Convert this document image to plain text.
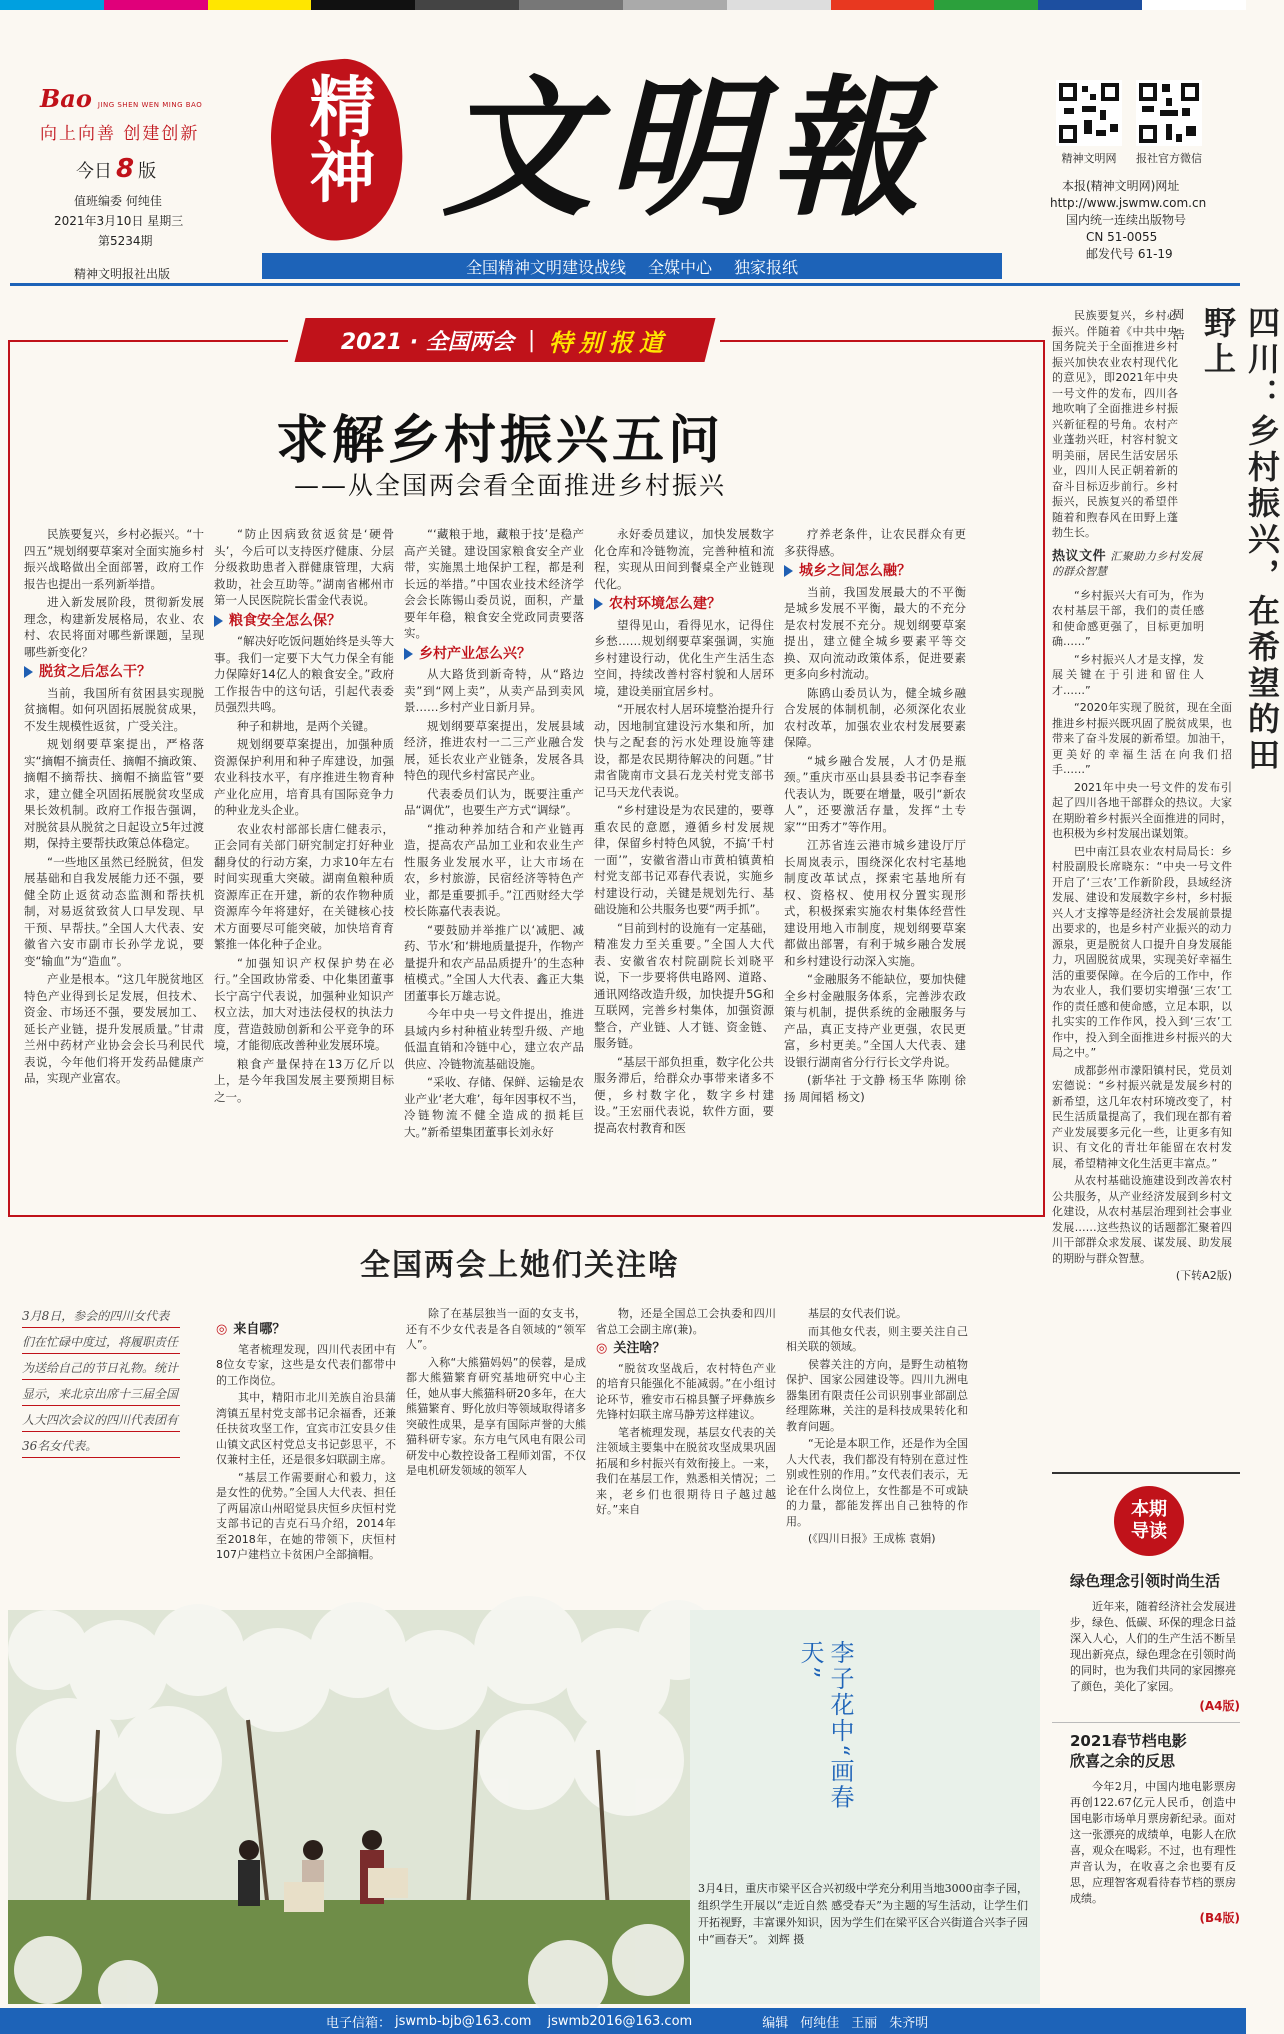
Bao JING SHEN WEN MING BAO
向上向善 创建创新
今日 8 版
值班编委 何纯佳
2021年3月10日 星期三
第5234期
精神文明报社出版
精神 文明報
全国精神文明建设战线 全媒中心 独家报纸
精神文明网	报社官方微信
本报(精神文明网)网址
http://www.jswmw.com.cn
国内统一连续出版物号
CN 51-0055
邮发代号 61-19
2021 · 全国两会 | 特别报道
求解乡村振兴五问
——从全国两会看全面推进乡村振兴

民族要复兴，乡村必振兴。“十四五”规划纲要草案对全面实施乡村振兴战略做出全面部署，政府工作报告也提出一系列新举措。

进入新发展阶段，贯彻新发展理念，构建新发展格局，农业、农村、农民将面对哪些新课题，呈现哪些新变化？

脱贫之后怎么干？

当前，我国所有贫困县实现脱贫摘帽。如何巩固拓展脱贫成果，不发生规模性返贫，广受关注。

规划纲要草案提出，严格落实“摘帽不摘责任、摘帽不摘政策、摘帽不摘帮扶、摘帽不摘监管”要求，建立健全巩固拓展脱贫攻坚成果长效机制。政府工作报告强调，对脱贫县从脱贫之日起设立5年过渡期，保持主要帮扶政策总体稳定。

“一些地区虽然已经脱贫，但发展基础和自我发展能力还不强，要健全防止返贫动态监测和帮扶机制，对易返贫致贫人口早发现、早干预、早帮扶。”全国人大代表、安徽省六安市副市长孙学龙说，要变“输血”为“造血”。

产业是根本。“这几年脱贫地区特色产业得到长足发展，但技术、资金、市场还不强，要发展加工、延长产业链，提升发展质量。”甘肃兰州中药材产业协会会长马利民代表说，今年他们将开发药品健康产品，实现产业富农。

“防止因病致贫返贫是‘硬骨头’，今后可以支持医疗健康、分层分级救助患者入群健康管理，大病救助，社会互助等。”湖南省郴州市第一人民医院院长雷金代表说。

粮食安全怎么保？

“解决好吃饭问题始终是头等大事。我们一定要下大气力保全有能力保障好14亿人的粮食安全。”政府工作报告中的这句话，引起代表委员强烈共鸣。

种子和耕地，是两个关键。

规划纲要草案提出，加强种质资源保护利用和种子库建设，加强农业科技水平，有序推进生物育种产业化应用，培育具有国际竞争力的种业龙头企业。

农业农村部部长唐仁健表示，正会同有关部门研究制定打好种业翻身仗的行动方案，力求10年左右时间实现重大突破。湖南鱼粮种质资源库正在开建，新的农作物种质资源库今年将建好，在关键核心技术方面要尽可能突破，加快培育育繁推一体化种子企业。

“加强知识产权保护势在必行。”全国政协常委、中化集团董事长宁高宁代表说，加强种业知识产权立法，加大对违法侵权的执法力度，营造鼓励创新和公平竞争的环境，才能彻底改善种业发展环境。

粮食产量保持在13万亿斤以上，是今年我国发展主要预期目标之一。

“‘藏粮于地，藏粮于技’是稳产高产关键。建设国家粮食安全产业带，实施黑土地保护工程，都是利长远的举措。”中国农业技术经济学会会长陈锡山委员说，面积，产量要年年稳，粮食安全党政同责要落实。

乡村产业怎么兴？

从大路货到新奇特，从“路边卖”到“网上卖”，从卖产品到卖风景……乡村产业日新月异。

规划纲要草案提出，发展县域经济，推进农村一二三产业融合发展，延长农业产业链条，发展各具特色的现代乡村富民产业。

代表委员们认为，既要注重产品“调优”，也要生产方式“调绿”。

“推动种养加结合和产业链再造，提高农产品加工业和农业生产性服务业发展水平，让大市场在农，乡村旅游，民宿经济等特色产业，都是重要抓手。”江西财经大学校长陈嘉代表表说。

“要鼓励并举推广以‘减肥、减药、节水’和‘耕地质量提升，作物产量提升和农产品品质提升’的生态种植模式。”全国人大代表、鑫正大集团董事长万雄志说。

今年中央一号文件提出，推进县域内乡村种植业转型升级、产地低温直销和冷链中心，建立农产品供应、冷链物流基础设施。

“采收、存储、保鲜、运输是农业产业‘老大难’，每年因事权不当，冷链物流不健全造成的损耗巨大。”新希望集团董事长刘永好

永好委员建议，加快发展数字化仓库和冷链物流，完善种植和流程，实现从田间到餐桌全产业链现代化。

农村环境怎么建？

望得见山，看得见水，记得住乡愁……规划纲要草案强调，实施乡村建设行动，优化生产生活生态空间，持续改善村容村貌和人居环境，建设美丽宜居乡村。

“开展农村人居环境整治提升行动，因地制宜建设污水集和所，加快与之配套的污水处理设施等建设，都是农民期待解决的问题。”甘肃省陇南市文县石龙关村党支部书记马天龙代表说。

“乡村建设是为农民建的，要尊重农民的意愿，遵循乡村发展规律，保留乡村特色风貌，不搞‘千村一面’”，安徽省潜山市黄柏镇黄柏村党支部书记邓春代表说，实施乡村建设行动，关键是规划先行、基础设施和公共服务也要“两手抓”。

“目前到村的设施有一定基础，精准发力至关重要。”全国人大代表、安徽省农村院副院长刘晓平说，下一步要将供电路网、道路、通讯网络改造升级，加快提升5G和互联网，完善乡村集体，加强资源整合，产业链、人才链、资金链、服务链。

“基层干部负担重，数字化公共服务滞后，给群众办事带来诸多不便，乡村数字化，数字乡村建设。”王宏丽代表说，软件方面，要提高农村教育和医

疗养老条件，让农民群众有更多获得感。

城乡之间怎么融？

当前，我国发展最大的不平衡是城乡发展不平衡，最大的不充分是农村发展不充分。规划纲要草案提出，建立健全城乡要素平等交换、双向流动政策体系，促进要素更多向乡村流动。

陈鸥山委员认为，健全城乡融合发展的体制机制，必须深化农业农村改革，加强农业农村发展要素保障。

“城乡融合发展，人才仍是瓶颈。”重庆市巫山县县委书记李春奎代表认为，既要在增量，吸引“新农人”，还要激活存量，发挥“土专家”“田秀才”等作用。

江苏省连云港市城乡建设厅厅长周岚表示，围绕深化农村宅基地制度改革试点，探索宅基地所有权、资格权、使用权分置实现形式，积极探索实施农村集体经营性建设用地入市制度，规划纲要草案都做出部署，有利于城乡融合发展和乡村建设行动深入实施。

“金融服务不能缺位，要加快健全乡村金融服务体系，完善涉农政策与机制，提供系统的金融服务与产品，真正支持产业更强，农民更富，乡村更美。”全国人大代表、建设银行湖南省分行行长文学舟说。

(新华社 于文静 杨玉华 陈刚 徐扬 周闻韬 杨文)

四川：乡村振兴，在希望的田野上
周 浩

民族要复兴，乡村必振兴。伴随着《中共中央国务院关于全面推进乡村振兴加快农业农村现代化的意见》，即2021年中央一号文件的发布，四川各地吹响了全面推进乡村振兴新征程的号角。农村产业蓬勃兴旺，村容村貌文明美丽，居民生活安居乐业，四川人民正朝着新的奋斗目标迈步前行。乡村振兴，民族复兴的希望伴随着和煦春风在田野上蓬勃生长。

热议文件 汇聚助力乡村发展的群众智慧

“乡村振兴大有可为，作为农村基层干部，我们的责任感和使命感更强了，目标更加明确……”

“乡村振兴人才是支撑，发展关键在于引进和留住人才……”

“2020年实现了脱贫，现在全面推进乡村振兴既巩固了脱贫成果，也带来了奋斗发展的新希望。加油干，更美好的幸福生活在向我们招手……”

2021年中央一号文件的发布引起了四川各地干部群众的热议。大家在期盼着乡村振兴全面推进的同时，也积极为乡村发展出谋划策。

巴中南江县农业农村局局长：乡村股副股长席晓东：“中央一号文件开启了‘三农’工作新阶段，县域经济发展、建设和发展数字乡村，乡村振兴人才支撑等是经济社会发展前景提出要求的，也是乡村产业振兴的动力源泉，更是脱贫人口提升自身发展能力，巩固脱贫成果，实现美好幸福生活的重要保障。在今后的工作中，作为农业人，我们要切实增强‘三农’工作的责任感和使命感，立足本职，以扎实实的工作作风，投入到‘三农’工作中，投入到全面推进乡村振兴的大局之中。”

成都彭州市濛阳镇村民，党员刘宏德说：“乡村振兴就是发展乡村的新希望，这几年农村环境改变了，村民生活质量提高了，我们现在都有着产业发展要多元化一些，让更多有知识、有文化的青壮年能留在农村发展，希望精神文化生活更丰富点。”

从农村基础设施建设到改善农村公共服务，从产业经济发展到乡村文化建设，从农村基层治理到社会事业发展……这些热议的话题都汇聚着四川干部群众求发展、谋发展、助发展的期盼与群众智慧。

(下转A2版)

本期导读
绿色理念引领时尚生活
近年来，随着经济社会发展进步，绿色、低碳、环保的理念日益深入人心，人们的生产生活不断呈现出新亮点，绿色理念在引领时尚的同时，也为我们共同的家园擦亮了颜色，美化了家园。
(A4版)
2021春节档电影 欣喜之余的反思
今年2月，中国内地电影票房再创122.67亿元人民币，创造中国电影市场单月票房新纪录。面对这一张漂亮的成绩单，电影人在欣喜，观众在喝彩。不过，也有理性声音认为，在收喜之余也要有反思，应理智客观看待春节档的票房成绩。
(B4版)
全国两会上她们关注啥
3月8日，参会的四川女代表们在忙碌中度过，将履职责任为送给自己的节日礼物。统计显示，来北京出席十三届全国人大四次会议的四川代表团有36名女代表。
◎ 来自哪？

笔者梳理发现，四川代表团中有8位女专家，这些是女代表们都带中的工作岗位。

其中，精阳市北川羌族自治县蒲湾镇五星村党支部书记余福香，还兼任扶贫攻坚工作，宜宾市江安县夕佳山镇文武区村党总支书记彭思平，不仅兼村主任，还是很多妇联副主席。

“基层工作需要耐心和毅力，这是女性的优势。”全国人大代表、担任了两届凉山州昭觉县庆恒乡庆恒村党支部书记的吉克石马介绍，2014年至2018年，在她的带领下，庆恒村107户建档立卡贫困户全部摘帽。

除了在基层独当一面的女支书，还有不少女代表是各自领域的“领军人”。

入称“大熊猫妈妈”的侯蓉，是成都大熊猫繁育研究基地研究中心主任，她从事大熊猫科研20多年，在大熊猫繁育、野化放归等领域取得诸多突破性成果，是享有国际声誉的大熊猫科研专家。东方电气风电有限公司研发中心数控设备工程师刘雷，不仅是电机研发领域的领军人

物，还是全国总工会执委和四川省总工会副主席(兼)。

◎ 关注啥？

“脱贫攻坚战后，农村特色产业的培育只能强化不能减弱。”在小组讨论环节，雅安市石棉县蟹子坪彝族乡先锋村妇联主席马静芳这样建议。

笔者梳理发现，基层女代表的关注领域主要集中在脱贫攻坚成果巩固拓展和乡村振兴有效衔接上。一来，我们在基层工作，熟悉相关情况；二来，老乡们也很期待日子越过越好。”来自

基层的女代表们说。

而其他女代表，则主要关注自己相关联的领域。

侯蓉关注的方向，是野生动植物保护、国家公园建设等。四川九洲电器集团有限责任公司识别事业部副总经理陈琳，关注的是科技成果转化和教育问题。

“无论是本职工作，还是作为全国人大代表，我们都没有特别在意过性别或性别的作用。”女代表们表示，无论在什么岗位上，女性都是不可或缺的力量，都能发挥出自己独特的作用。

(《四川日报》王成栋 袁娟)

李子花中“画春天”
3月4日，重庆市梁平区合兴初级中学充分利用当地3000亩李子园，组织学生开展以“走近自然 感受春天”为主题的写生活动，让学生们开拓视野，丰富课外知识，因为学生们在梁平区合兴街道合兴李子园中“画春天”。 刘辉 摄
电子信箱： jswmb-bjb@163.com jswmb2016@163.com	编辑 何纯佳 王丽 朱齐明
